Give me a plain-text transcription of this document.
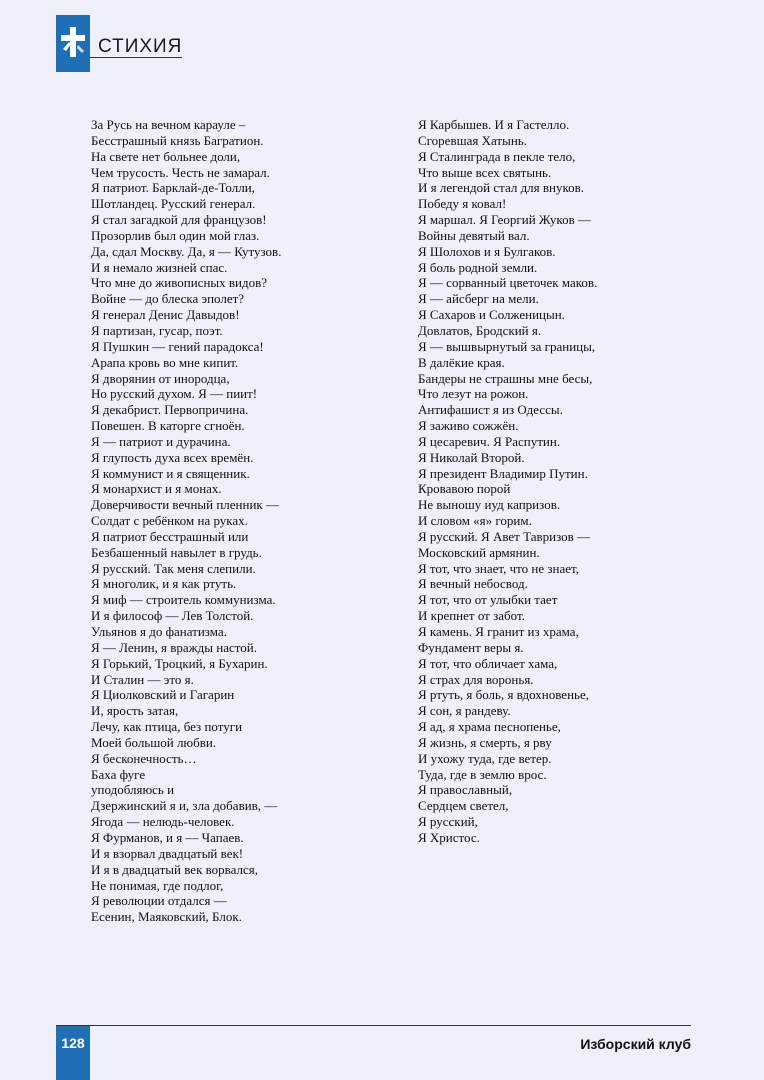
СТИХИЯ
За Русь на вечном карауле –
Бесстрашный князь Багратион.
На свете нет больнее доли,
Чем трусость. Честь не замарал.
Я патриот. Барклай-де-Толли,
Шотландец. Русский генерал.
Я стал загадкой для французов!
Прозорлив был один мой глаз.
Да, сдал Москву. Да, я — Кутузов.
И я немало жизней спас.
Что мне до живописных видов?
Войне — до блеска эполет?
Я генерал Денис Давыдов!
Я партизан, гусар, поэт.
Я Пушкин — гений парадокса!
Арапа кровь во мне кипит.
Я дворянин от инородца,
Но русский духом. Я — пиит!
Я декабрист. Первопричина.
Повешен. В каторге сгноён.
Я — патриот и дурачина.
Я глупость духа всех времён.
Я коммунист и я священник.
Я монархист и я монах.
Доверчивости вечный пленник —
Солдат с ребёнком на руках.
Я патриот бесстрашный или
Безбашенный навылет в грудь.
Я русский. Так меня слепили.
Я многолик, и я как ртуть.
Я миф — строитель коммунизма.
И я философ — Лев Толстой.
Ульянов я до фанатизма.
Я — Ленин, я вражды настой.
Я Горький, Троцкий, я Бухарин.
И Сталин — это я.
Я Циолковский и Гагарин
И, ярость затая,
Лечу, как птица, без потуги
Моей большой любви.
Я бесконечность…
Баха фуге
уподобляюсь и
Дзержинский я и, зла добавив, —
Ягода — нелюдь-человек.
Я Фурманов, и я — Чапаев.
И я взорвал двадцатый век!
И я в двадцатый век ворвался,
Не понимая, где подлог,
Я революции отдался —
Есенин, Маяковский, Блок.
Я Карбышев. И я Гастелло.
Сгоревшая Хатынь.
Я Сталинграда в пекле тело,
Что выше всех святынь.
И я легендой стал для внуков.
Победу я ковал!
Я маршал. Я Георгий Жуков —
Войны девятый вал.
Я Шолохов и я Булгаков.
Я боль родной земли.
Я — сорванный цветочек маков.
Я — айсберг на мели.
Я Сахаров и Солженицын.
Довлатов, Бродский я.
Я — вышвырнутый за границы,
В далёкие края.
Бандеры не страшны мне бесы,
Что лезут на рожон.
Антифашист я из Одессы.
Я заживо сожжён.
Я цесаревич. Я Распутин.
Я Николай Второй.
Я президент Владимир Путин.
Кровавою порой
Не выношу иуд капризов.
И словом «я» горим.
Я русский. Я Авет Тавризов —
Московский армянин.
Я тот, что знает, что не знает,
Я вечный небосвод.
Я тот, что от улыбки тает
И крепнет от забот.
Я камень. Я гранит из храма,
Фундамент веры я.
Я тот, что обличает хама,
Я страх для воронья.
Я ртуть, я боль, я вдохновенье,
Я сон, я рандеву.
Я ад, я храма песнопенье,
Я жизнь, я смерть, я рву
И ухожу туда, где ветер.
Туда, где в землю врос.
Я православный,
Сердцем светел,
Я русский,
Я Христос.
128	Изборский клуб
